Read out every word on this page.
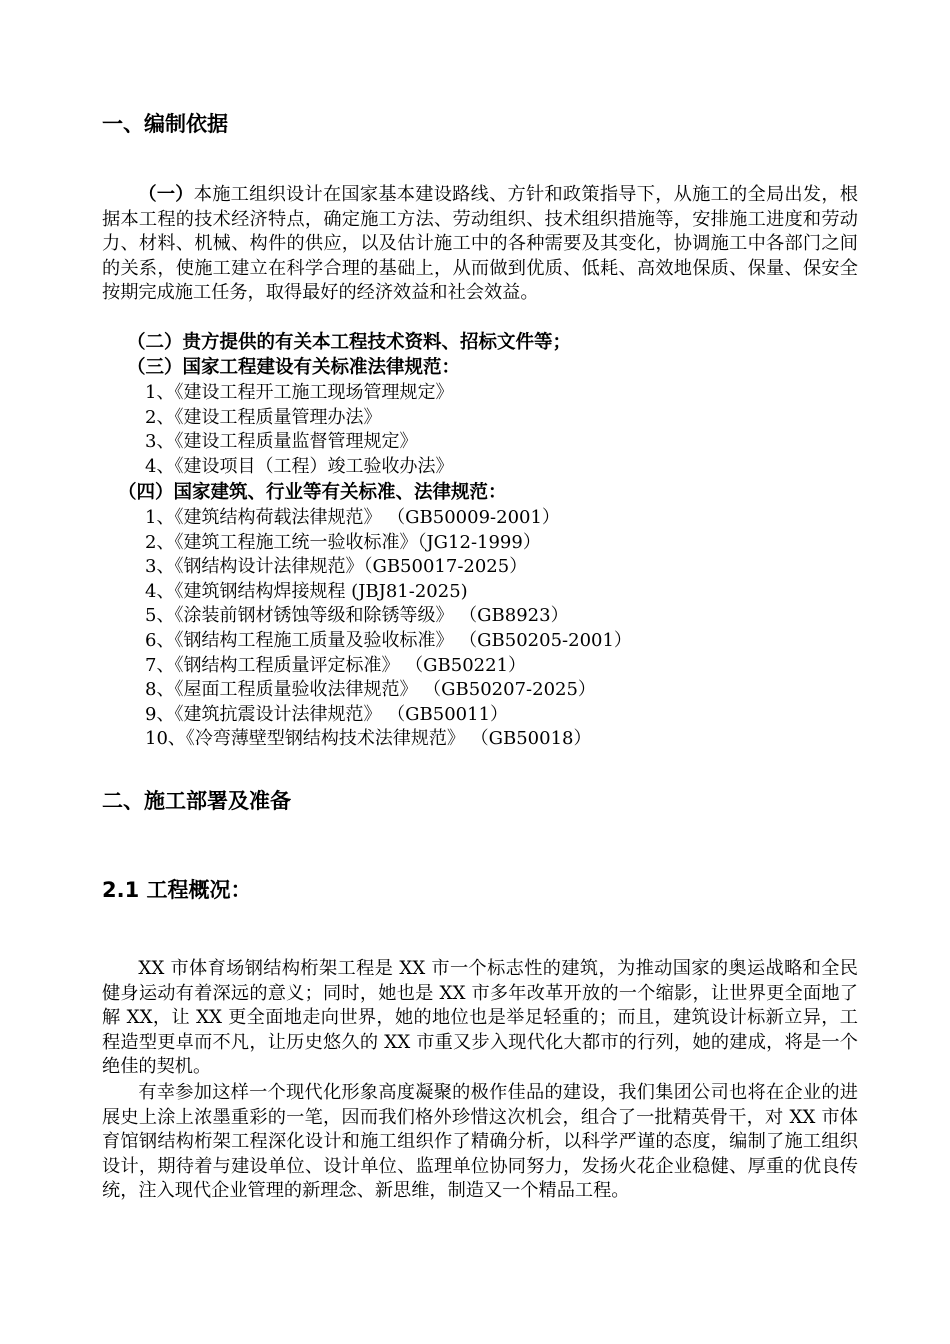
一、编制依据

（一）本施工组织设计在国家基本建设路线、方针和政策指导下，从施工的全局出发，根据本工程的技术经济特点，确定施工方法、劳动组织、技术组织措施等，安排施工进度和劳动力、材料、机械、构件的供应，以及估计施工中的各种需要及其变化，协调施工中各部门之间的关系，使施工建立在科学合理的基础上，从而做到优质、低耗、高效地保质、保量、保安全按期完成施工任务，取得最好的经济效益和社会效益。

（二）贵方提供的有关本工程技术资料、招标文件等；
（三）国家工程建设有关标准法律规范：
1、《建设工程开工施工现场管理规定》
2、《建设工程质量管理办法》
3、《建设工程质量监督管理规定》
4、《建设项目（工程）竣工验收办法》
（四）国家建筑、行业等有关标准、法律规范：
1、《建筑结构荷载法律规范》 （GB50009-2001）
2、《建筑工程施工统一验收标准》（JG12-1999）
3、《钢结构设计法律规范》（GB50017-2025）
4、《建筑钢结构焊接规程 (JBJ81-2025)
5、《涂装前钢材锈蚀等级和除锈等级》 （GB8923）
6、《钢结构工程施工质量及验收标准》 （GB50205-2001）
7、《钢结构工程质量评定标准》 （GB50221）
8、《屋面工程质量验收法律规范》 （GB50207-2025）
9、《建筑抗震设计法律规范》 （GB50011）
10、《冷弯薄壁型钢结构技术法律规范》 （GB50018）
二、施工部署及准备
2.1 工程概况：

XX 市体育场钢结构桁架工程是 XX 市一个标志性的建筑，为推动国家的奥运战略和全民健身运动有着深远的意义；同时，她也是 XX 市多年改革开放的一个缩影，让世界更全面地了解 XX，让 XX 更全面地走向世界，她的地位也是举足轻重的；而且，建筑设计标新立异，工程造型更卓而不凡，让历史悠久的 XX 市重又步入现代化大都市的行列，她的建成，将是一个绝佳的契机。

有幸参加这样一个现代化形象高度凝聚的极作佳品的建设，我们集团公司也将在企业的进展史上涂上浓墨重彩的一笔，因而我们格外珍惜这次机会，组合了一批精英骨干，对 XX 市体育馆钢结构桁架工程深化设计和施工组织作了精确分析，以科学严谨的态度，编制了施工组织设计，期待着与建设单位、设计单位、监理单位协同努力，发扬火花企业稳健、厚重的优良传统，注入现代企业管理的新理念、新思维，制造又一个精品工程。
